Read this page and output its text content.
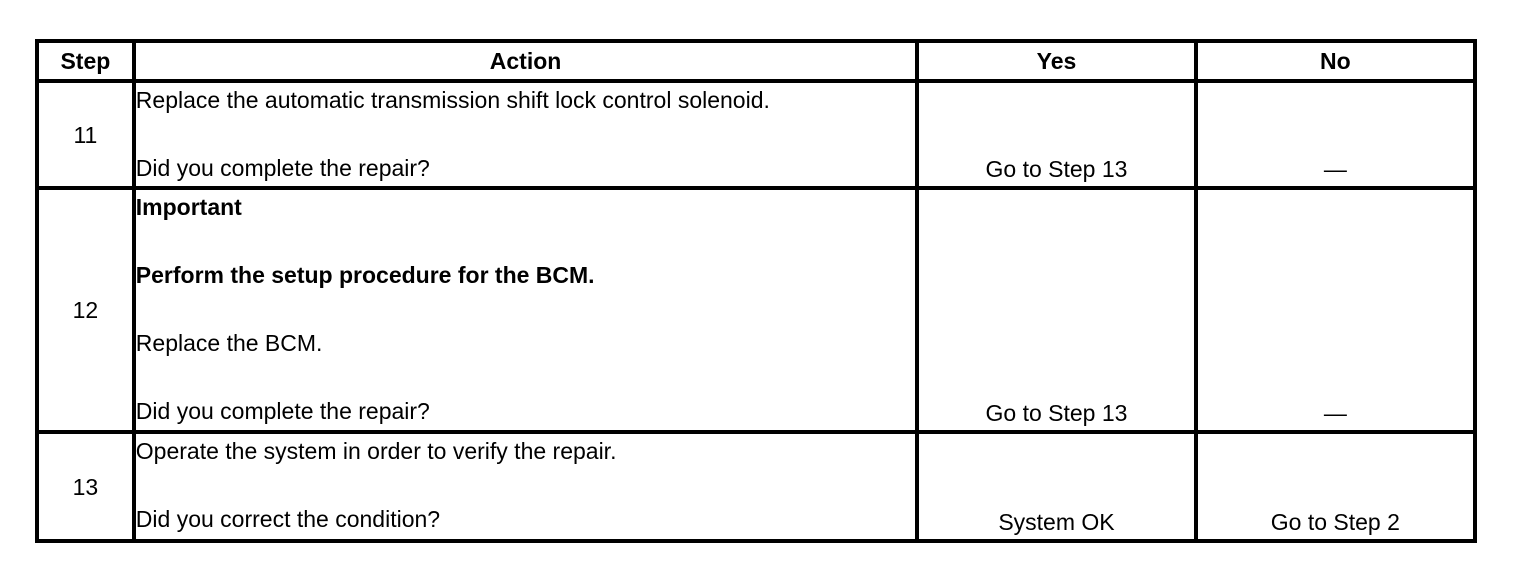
Step	Action	Yes	No
11	Replace the automatic transmission shift lock control solenoid.
Did you complete the repair?	Go to Step 13	—

12	Important
Perform the setup procedure for the BCM.
Replace the BCM.
Did you complete the repair?	Go to Step 13	—

13	Operate the system in order to verify the repair.
Did you correct the condition?	System OK	Go to Step 2
